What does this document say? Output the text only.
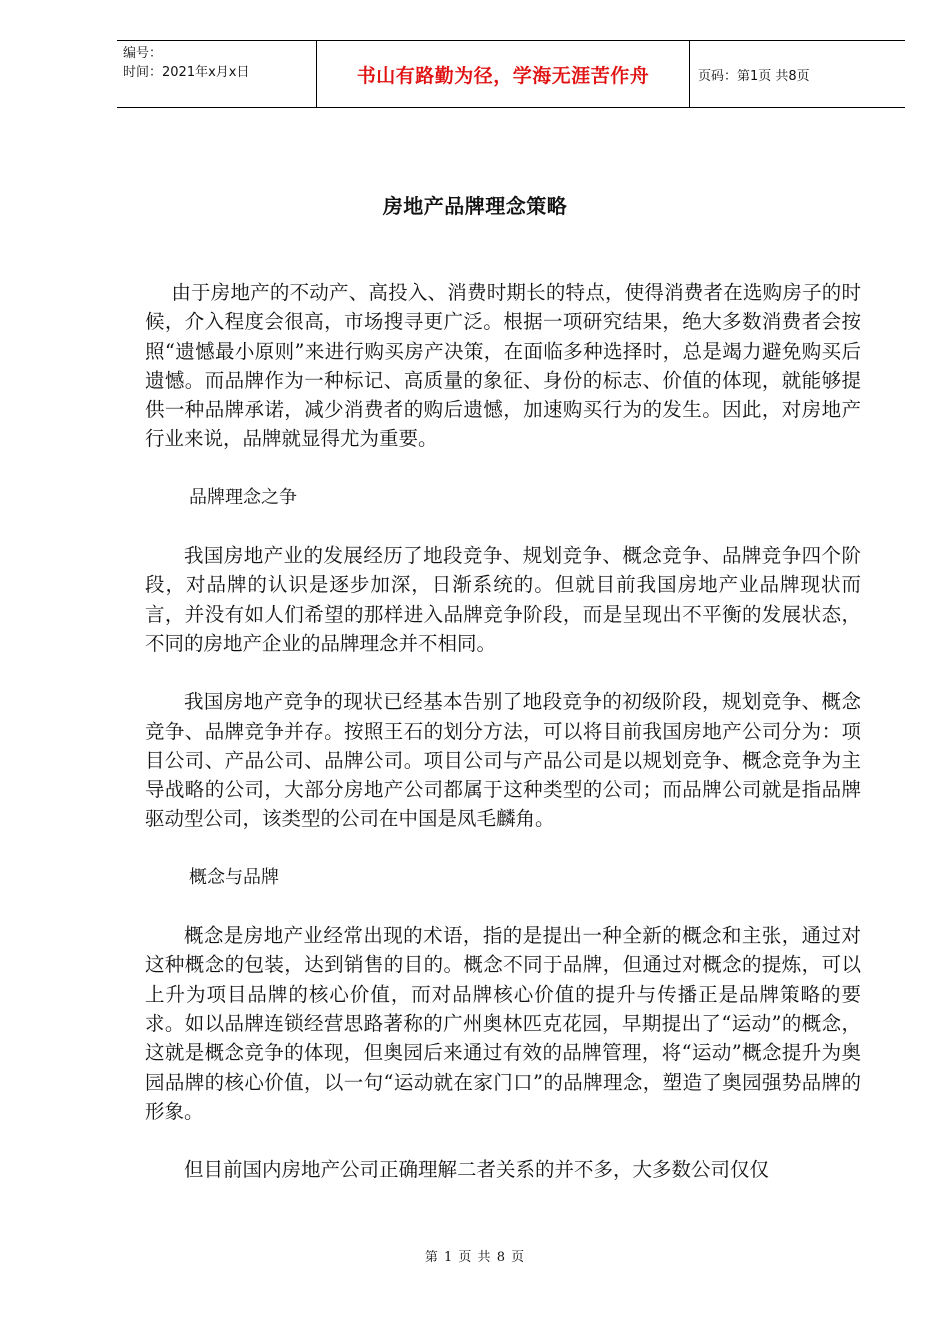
编号：
时间：2021年x月x日	书山有路勤为径，学海无涯苦作舟	页码：第1页 共8页
房地产品牌理念策略

由于房地产的不动产、高投入、消费时期长的特点，使得消费者在选购房子的时候，介入程度会很高，市场搜寻更广泛。根据一项研究结果，绝大多数消费者会按照“遗憾最小原则”来进行购买房产决策，在面临多种选择时，总是竭力避免购买后遗憾。而品牌作为一种标记、高质量的象征、身份的标志、价值的体现，就能够提供一种品牌承诺，减少消费者的购后遗憾，加速购买行为的发生。因此，对房地产行业来说，品牌就显得尤为重要。

品牌理念之争

我国房地产业的发展经历了地段竞争、规划竞争、概念竞争、品牌竞争四个阶段，对品牌的认识是逐步加深，日渐系统的。但就目前我国房地产业品牌现状而言，并没有如人们希望的那样进入品牌竞争阶段，而是呈现出不平衡的发展状态，不同的房地产企业的品牌理念并不相同。

我国房地产竞争的现状已经基本告别了地段竞争的初级阶段，规划竞争、概念竞争、品牌竞争并存。按照王石的划分方法，可以将目前我国房地产公司分为：项目公司、产品公司、品牌公司。项目公司与产品公司是以规划竞争、概念竞争为主导战略的公司，大部分房地产公司都属于这种类型的公司；而品牌公司就是指品牌驱动型公司，该类型的公司在中国是凤毛麟角。

概念与品牌

概念是房地产业经常出现的术语，指的是提出一种全新的概念和主张，通过对这种概念的包装，达到销售的目的。概念不同于品牌，但通过对概念的提炼，可以上升为项目品牌的核心价值，而对品牌核心价值的提升与传播正是品牌策略的要求。如以品牌连锁经营思路著称的广州奥林匹克花园，早期提出了“运动”的概念，这就是概念竞争的体现，但奥园后来通过有效的品牌管理，将“运动”概念提升为奥园品牌的核心价值，以一句“运动就在家门口”的品牌理念，塑造了奥园强势品牌的形象。

但目前国内房地产公司正确理解二者关系的并不多，大多数公司仅仅

第 1 页 共 8 页
